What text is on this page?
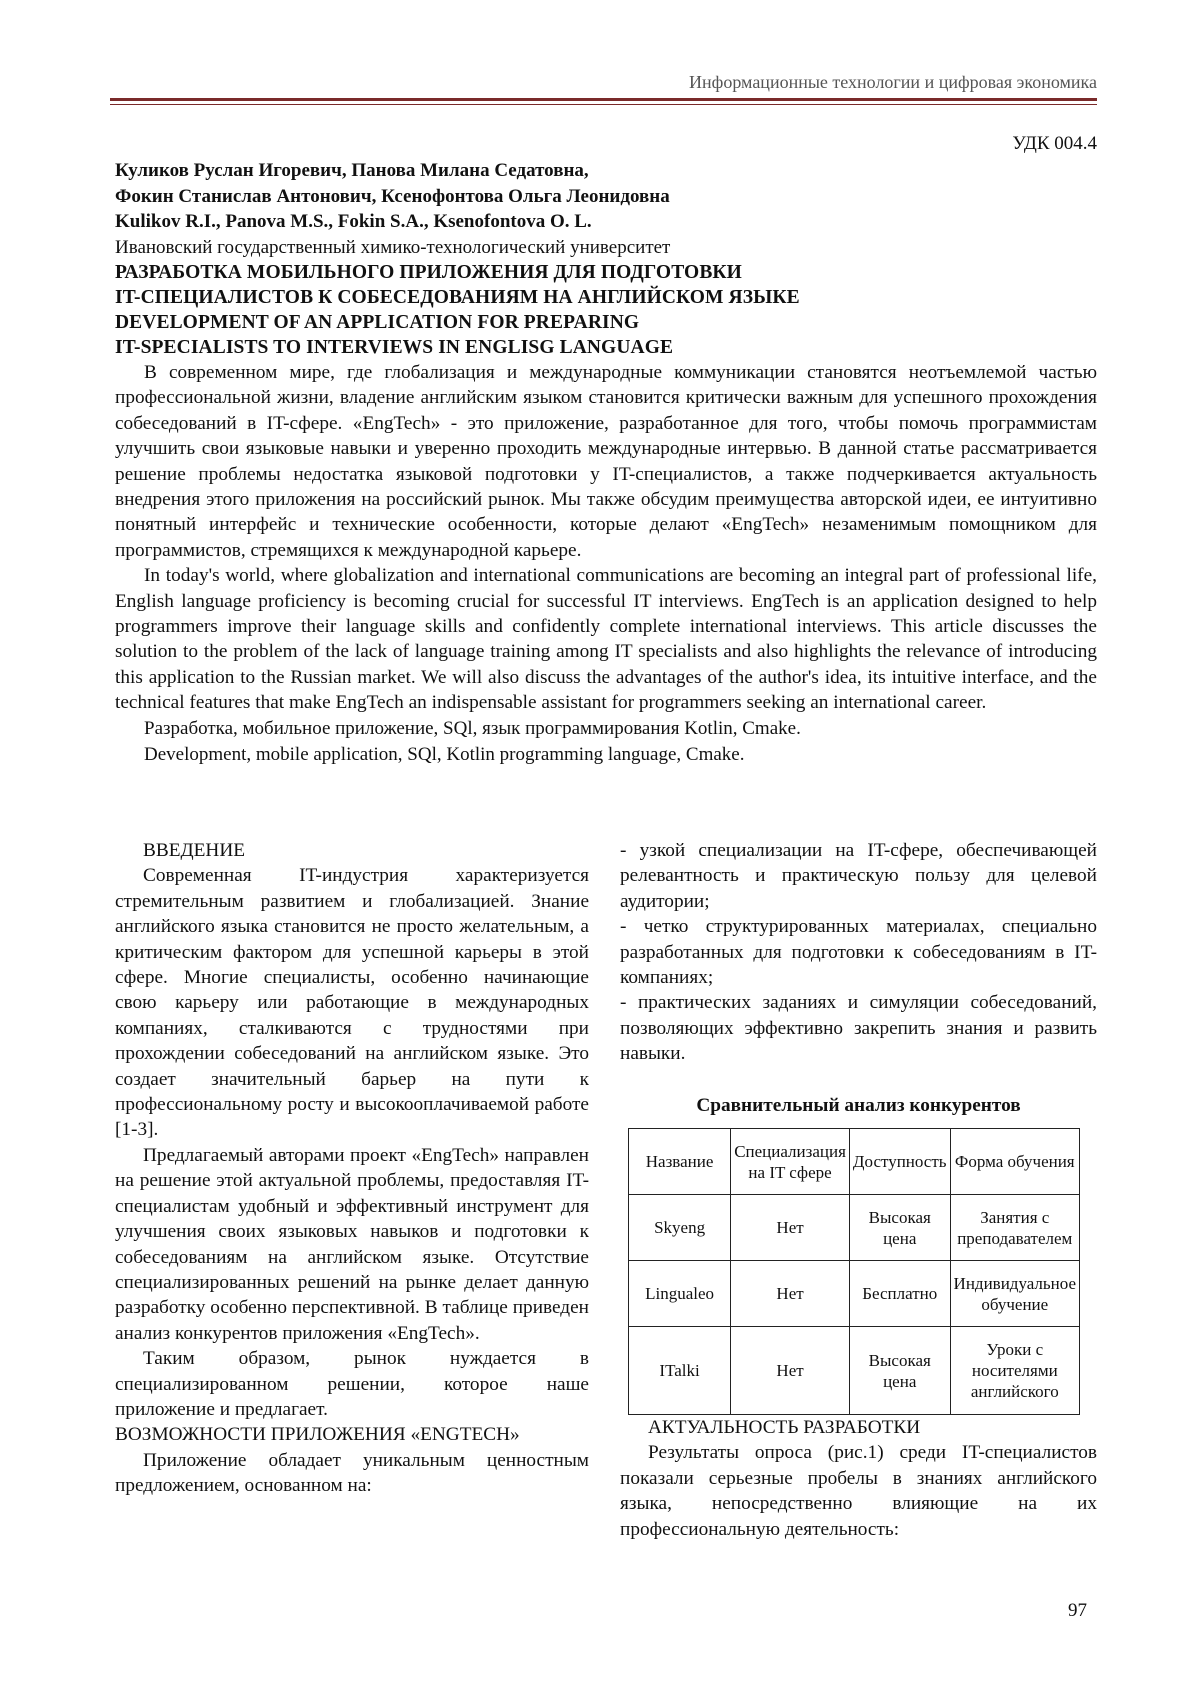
Информационные технологии и цифровая экономика
УДК 004.4
Куликов Руслан Игоревич, Панова Милана Седатовна,
Фокин Станислав Антонович, Ксенофонтова Ольга Леонидовна
Kulikov R.I., Panova M.S., Fokin S.A., Ksenofontova O. L.
Ивановский государственный химико-технологический университет
РАЗРАБОТКА МОБИЛЬНОГО ПРИЛОЖЕНИЯ ДЛЯ ПОДГОТОВКИ
IT-СПЕЦИАЛИСТОВ К СОБЕСЕДОВАНИЯМ НА АНГЛИЙСКОМ ЯЗЫКЕ
DEVELOPMENT OF AN APPLICATION FOR PREPARING
IT-SPECIALISTS TO INTERVIEWS IN ENGLISG LANGUAGE

В современном мире, где глобализация и международные коммуникации становятся неотъемлемой частью профессиональной жизни, владение английским языком становится критически важным для успешного прохождения собеседований в IT-сфере. «EngTech» - это приложение, разработанное для того, чтобы помочь программистам улучшить свои языковые навыки и уверенно проходить международные интервью. В данной статье рассматривается решение проблемы недостатка языковой подготовки у IT-специалистов, а также подчеркивается актуальность внедрения этого приложения на российский рынок. Мы также обсудим преимущества авторской идеи, ее интуитивно понятный интерфейс и технические особенности, которые делают «EngTech» незаменимым помощником для программистов, стремящихся к международной карьере.

In today's world, where globalization and international communications are becoming an integral part of professional life, English language proficiency is becoming crucial for successful IT interviews. EngTech is an application designed to help programmers improve their language skills and confidently complete international interviews. This article discusses the solution to the problem of the lack of language training among IT specialists and also highlights the relevance of introducing this application to the Russian market. We will also discuss the advantages of the author's idea, its intuitive interface, and the technical features that make EngTech an indispensable assistant for programmers seeking an international career.

Разработка, мобильное приложение, SQl, язык программирования Kotlin, Cmake.

Development, mobile application, SQl, Kotlin programming language, Cmake.

ВВЕДЕНИЕ

Современная IT-индустрия характеризуется стремительным развитием и глобализацией. Знание английского языка становится не просто желательным, а критическим фактором для успешной карьеры в этой сфере. Многие специалисты, особенно начинающие свою карьеру или работающие в международных компаниях, сталкиваются с трудностями при прохождении собеседований на английском языке. Это создает значительный барьер на пути к профессиональному росту и высокооплачиваемой работе [1-3].

Предлагаемый авторами проект «EngTech» направлен на решение этой актуальной проблемы, предоставляя IT-специалистам удобный и эффективный инструмент для улучшения своих языковых навыков и подготовки к собеседованиям на английском языке. Отсутствие специализированных решений на рынке делает данную разработку особенно перспективной. В таблице приведен анализ конкурентов приложения «EngTech».

Таким образом, рынок нуждается в специализированном решении, которое наше приложение и предлагает.

ВОЗМОЖНОСТИ ПРИЛОЖЕНИЯ «ENGTECH»

Приложение обладает уникальным ценностным предложением, основанном на:

- узкой специализации на IT-сфере, обеспечивающей релевантность и практическую пользу для целевой аудитории;

- четко структурированных материалах, специально разработанных для подготовки к собеседованиям в IT-компаниях;

- практических заданиях и симуляции собеседований, позволяющих эффективно закрепить знания и развить навыки.

Сравнительный анализ конкурентов
Название	Специализация на IT сфере	Доступность	Форма обучения
Skyeng	Нет	Высокая цена	Занятия с преподавателем
Lingualeo	Нет	Бесплатно	Индивидуальное обучение
ITalki	Нет	Высокая цена	Уроки с носителями английского

АКТУАЛЬНОСТЬ РАЗРАБОТКИ

Результаты опроса (рис.1) среди IT-специалистов показали серьезные пробелы в знаниях английского языка, непосредственно влияющие на их профессиональную деятельность:

97
